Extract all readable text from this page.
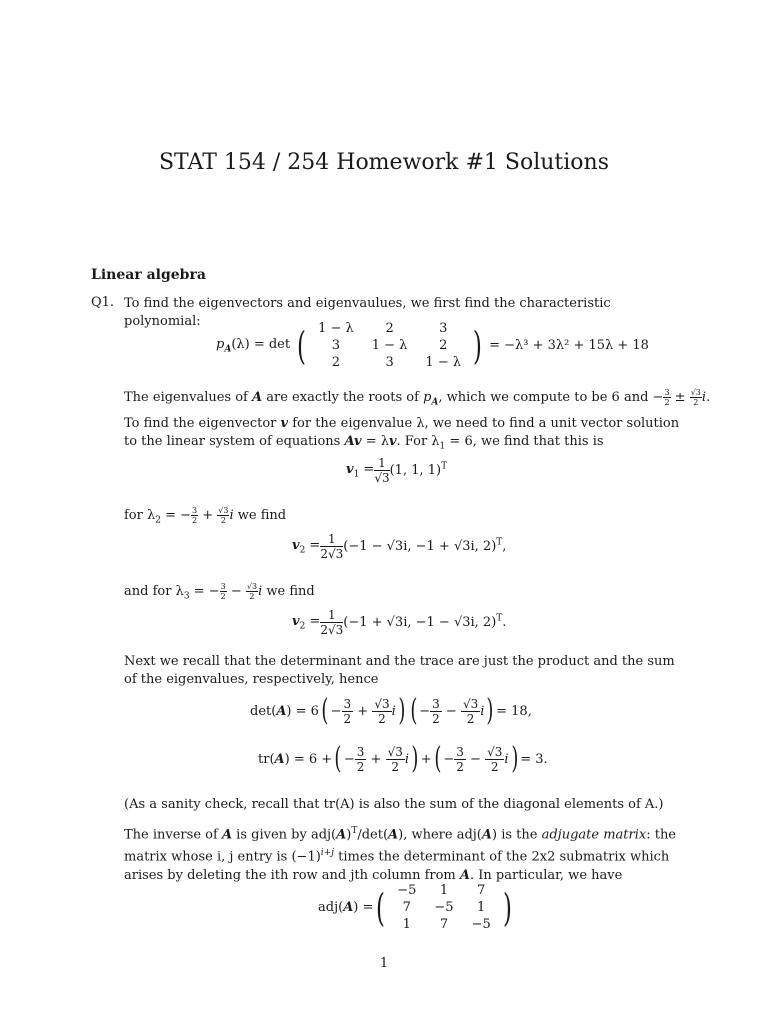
STAT 154 / 254 Homework #1 Solutions
Linear algebra
Q1. To find the eigenvectors and eigenvaulues, we first find the characteristic polynomial:
$p_A(\lambda) = \det$ ( 1 − λ	2	3
3	1 − λ	2
2	3	1 − λ ) = −λ³ + 3λ² + 15λ + 18
The eigenvalues of A are exactly the roots of $p_A$, which we compute to be 6 and − $\frac{3}{2} \pm \frac{√3}{2} i$.
To find the eigenvector v for the eigenvalue λ, we need to find a unit vector solution to the linear system of equations Av = λv. For $\lambda_1 = 6$, we find that this is
$v_1 = \frac{1}{√3} (1$, 1, 1)$^T$
for $\lambda_2$ = − $\frac{3}{2} + \frac{√3}{2}$ i we find
$v_2 = \frac{1}{2√3} (-1 - √3i$, −1 + √3i, 2)$^T$,
and for $\lambda_3$ = − $\frac{3}{2} - \frac{√3}{2}$ i we find
$v_2 = \frac{1}{2√3} (-1 + √3i$, −1 − √3i, 2)$^T$.
Next we recall that the determinant and the trace are just the product and the sum of the eigenvalues, respectively, hence
$\det(A) = 6( - \frac{3}{2} + \frac{√3}{2} i)$ ( − $\frac{3}{2} - \frac{√3}{2} i) = 18$,
tr(A) = 6 +( − $\frac{3}{2} + \frac{√3}{2} i$) +( − $\frac{3}{2} - \frac{√3}{2} i) = 3$.
(As a sanity check, recall that tr(A) is also the sum of the diagonal elements of A.)
The inverse of A is given by $adj(A)^T/\det(A)$, where adj(A) is the adjugate matrix: the matrix whose i, j entry is $(-1)^{i+j}$ times the determinant of the 2x2 submatrix which arises by deleting the ith row and jth column from A. In particular, we have
adj(A) =( −5	1	7
7	−5	1
1	7	−5 )
1
